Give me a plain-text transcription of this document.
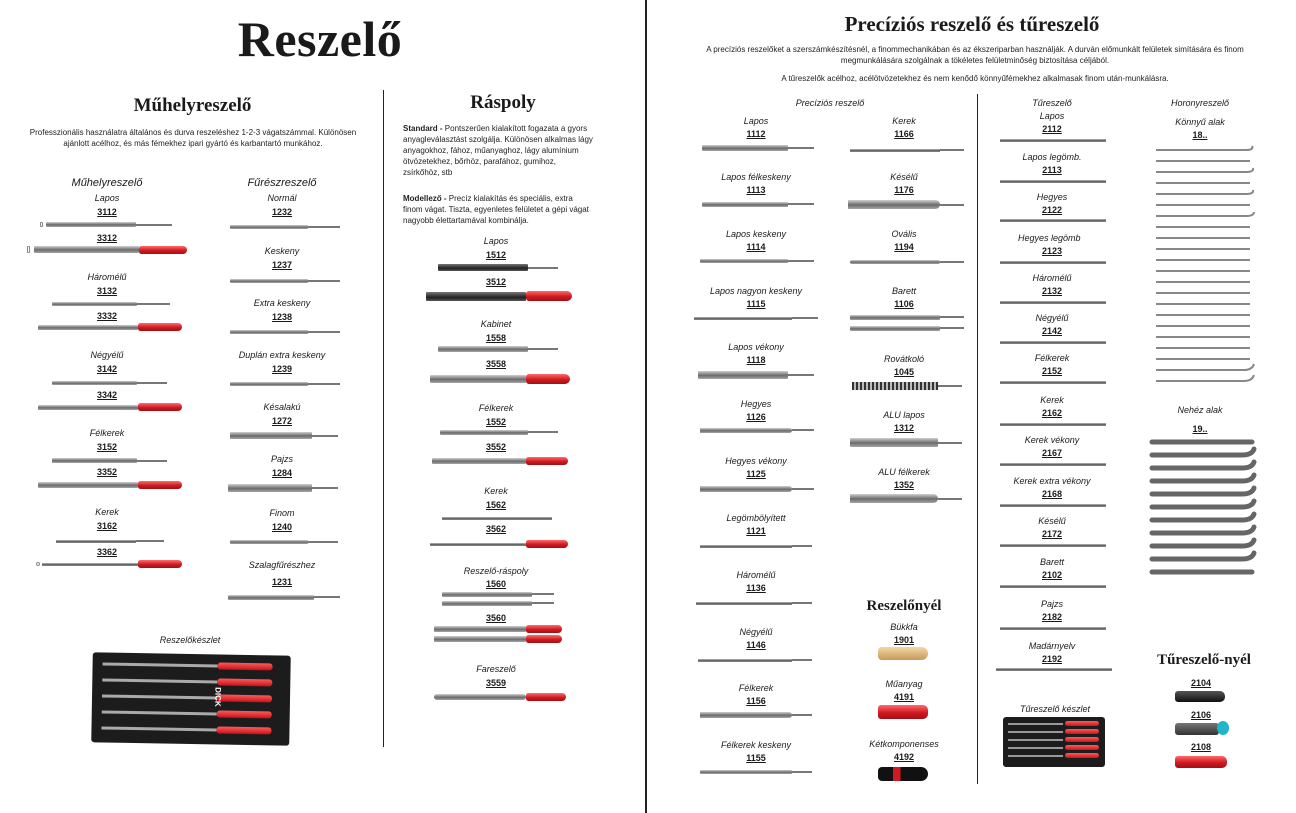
Reszelő
Műhelyreszelő
Professzionális használatra általános és durva reszeléshez 1-2-3 vágatszámmal. Különösen ajánlott acélhoz, és más fémekhez ipari gyártó és karbantartó munkához.
Műhelyreszelő	Fűrészreszelő
Lapos
3112
3312
Háromélű
3132
3332
Négyélű
3142
3342
Félkerek
3152
3352
Kerek
3162
3362
Normál
1232
Keskeny
1237
Extra keskeny
1238
Duplán extra keskeny
1239
Késalakú
1272
Pajzs
1284
Finom
1240
Szalagfűrészhez
1231
Reszelőkészlet
DICK
Ráspoly
Standard - Pontszerűen kialakított fogazata a gyors anyagleválasztást szolgálja. Különösen alkalmas lágy anyagokhoz, fához, műanyaghoz, lágy alumínium ötvözetekhez, bőrhöz, parafához, gumihoz, zsírkőhöz, stb
Modellező - Precíz kialakítás és speciális, extra finom vágat. Tiszta, egyenletes felületet a gépi vágat nagyobb élettartamával kombinálja.
Lapos
1512
3512
Kabinet
1558
3558
Félkerek
1552
3552
Kerek
1562
3562
Reszelő-ráspoly
1560
3560
Fareszelő
3559
Precíziós reszelő és tűreszelő
A precíziós reszelőket a szerszámkészítésnél, a finommechanikában és az ékszeriparban használják. A durván előmunkált felületek simítására és finom megmunkálására szolgálnak a tökéletes felületminőség biztosítása céljából.
A tűreszelők acélhoz, acélötvözetekhez és nem kenődő könnyűfémekhez alkalmasak finom után-munkálásra.
Precíziós reszelő
Lapos
1112
Lapos félkeskeny
1113
Lapos keskeny
1114
Lapos nagyon keskeny
1115
Lapos vékony
1118
Hegyes
1126
Hegyes vékony
1125
Legömbölyített
1121
Háromélű
1136
Négyélű
1146
Félkerek
1156
Félkerek keskeny
1155
Kerek
1166
Késélű
1176
Ovális
1194
Barett
1106
Rovátkoló
1045
ALU lapos
1312
ALU félkerek
1352
Reszelőnyél
Bükkfa
1901
Műanyag
4191
Kétkomponenses
4192
Tűreszelő
Lapos
2112
Lapos legömb.
2113
Hegyes
2122
Hegyes legömb
2123
Háromélű
2132
Négyélű
2142
Félkerek
2152
Kerek
2162
Kerek vékony
2167
Kerek extra vékony
2168
Késélű
2172
Barett
2102
Pajzs
2182
Madárnyelv
2192
Tűreszelő készlet
Horonyreszelő
Könnyű alak
18..
Nehéz alak
19..
Tűreszelő-nyél
2104
2106
2108
